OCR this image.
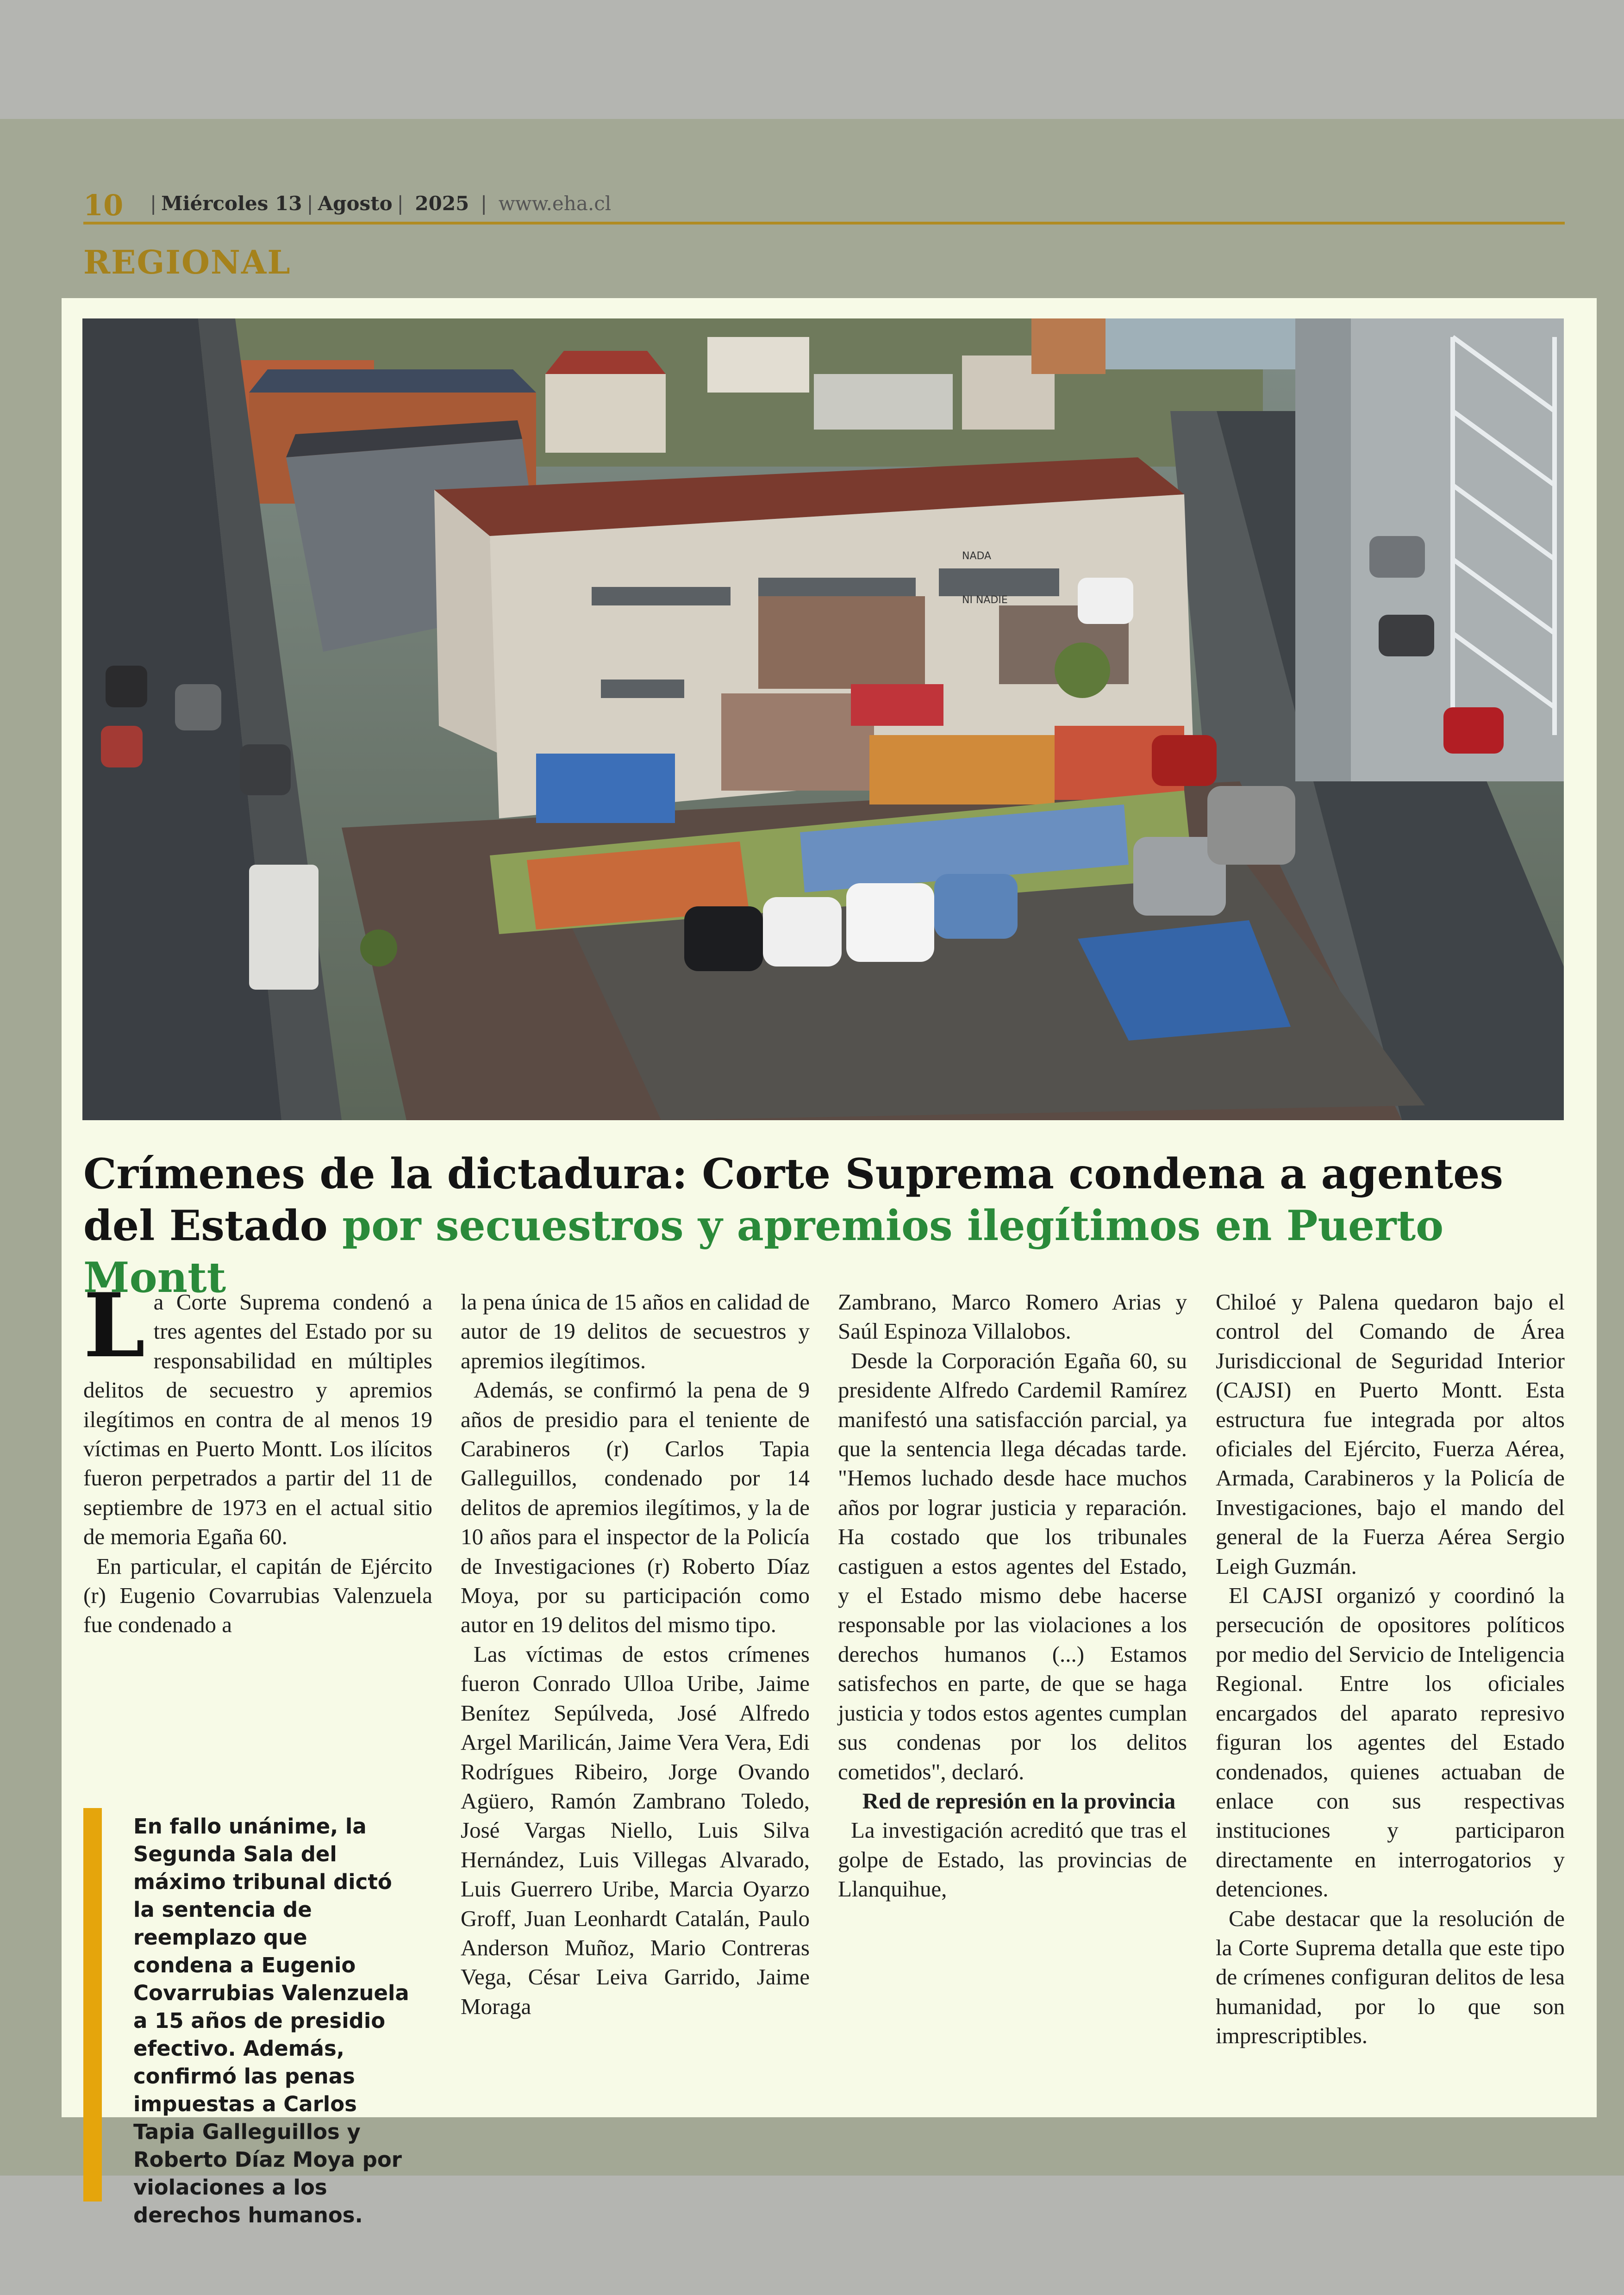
10 | Miércoles 13 | Agosto | 2025 | www.eha.cl
REGIONAL
NADA
NI NADIE
Crímenes de la dictadura: Corte Suprema condena a agentes del Estado por secuestros y apremios ilegítimos en Puerto Montt

La Corte Suprema condenó a tres agentes del Estado por su responsabilidad en múltiples delitos de secuestro y apremios ilegítimos en contra de al menos 19 víctimas en Puerto Montt. Los ilícitos fueron perpetrados a partir del 11 de septiembre de 1973 en el actual sitio de memoria Egaña 60.

En particular, el capitán de Ejército (r) Eugenio Covarrubias Valenzuela fue condenado a

En fallo unánime, la Segunda Sala del máximo tribunal dictó la sentencia de reemplazo que condena a Eugenio Covarrubias Valenzuela a 15 años de presidio efectivo. Además, confirmó las penas impuestas a Carlos Tapia Galleguillos y Roberto Díaz Moya por violaciones a los derechos humanos.

la pena única de 15 años en calidad de autor de 19 delitos de secuestros y apremios ilegítimos.

Además, se confirmó la pena de 9 años de presidio para el teniente de Carabineros (r) Carlos Tapia Galleguillos, condenado por 14 delitos de apremios ilegítimos, y la de 10 años para el inspector de la Policía de Investigaciones (r) Roberto Díaz Moya, por su participación como autor en 19 delitos del mismo tipo.

Las víctimas de estos crímenes fueron Conrado Ulloa Uribe, Jaime Benítez Sepúlveda, José Alfredo Argel Marilicán, Jaime Vera Vera, Edi Rodrígues Ribeiro, Jorge Ovando Agüero, Ramón Zambrano Toledo, José Vargas Niello, Luis Silva Hernández, Luis Villegas Alvarado, Luis Guerrero Uribe, Marcia Oyarzo Groff, Juan Leonhardt Catalán, Paulo Anderson Muñoz, Mario Contreras Vega, César Leiva Garrido, Jaime Moraga

Zambrano, Marco Romero Arias y Saúl Espinoza Villalobos.

Desde la Corporación Egaña 60, su presidente Alfredo Cardemil Ramírez manifestó una satisfacción parcial, ya que la sentencia llega décadas tarde. "Hemos luchado desde hace muchos años por lograr justicia y reparación. Ha costado que los tribunales castiguen a estos agentes del Estado, y el Estado mismo debe hacerse responsable por las violaciones a los derechos humanos (...) Estamos satisfechos en parte, de que se haga justicia y todos estos agentes cumplan sus condenas por los delitos cometidos", declaró.

Red de represión en la provincia

La investigación acreditó que tras el golpe de Estado, las provincias de Llanquihue,

Chiloé y Palena quedaron bajo el control del Comando de Área Jurisdiccional de Seguridad Interior (CAJSI) en Puerto Montt. Esta estructura fue integrada por altos oficiales del Ejército, Fuerza Aérea, Armada, Carabineros y la Policía de Investigaciones, bajo el mando del general de la Fuerza Aérea Sergio Leigh Guzmán.

El CAJSI organizó y coordinó la persecución de opositores políticos por medio del Servicio de Inteligencia Regional. Entre los oficiales encargados del aparato represivo figuran los agentes del Estado condenados, quienes actuaban de enlace con sus respectivas instituciones y participaron directamente en interrogatorios y detenciones.

Cabe destacar que la resolución de la Corte Suprema detalla que este tipo de crímenes configuran delitos de lesa humanidad, por lo que son imprescriptibles.
